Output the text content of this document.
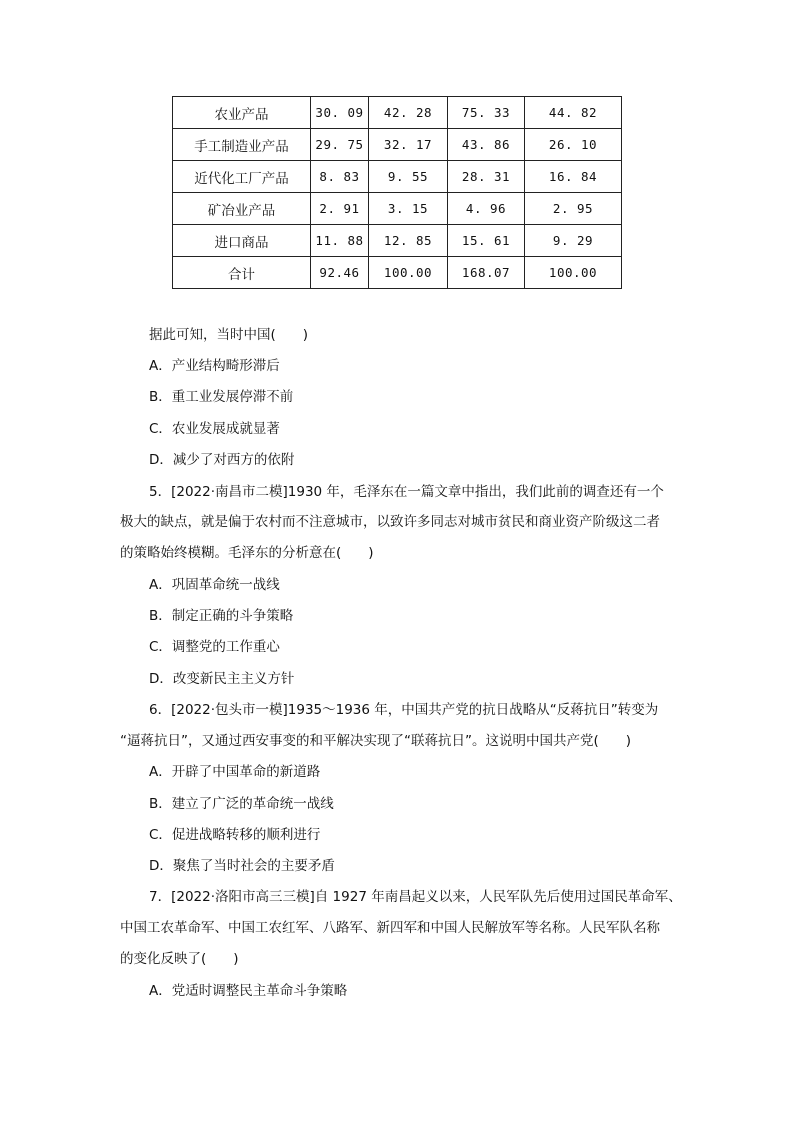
农业产品	30. 09	42. 28	75. 33	44. 82
手工制造业产品	29. 75	32. 17	43. 86	26. 10
近代化工厂产品	8. 83	9. 55	28. 31	16. 84
矿冶业产品	2. 91	3. 15	4. 96	2. 95
进口商品	11. 88	12. 85	15. 61	9. 29
合计	92.46	100.00	168.07	100.00
据此可知，当时中国(　　)
A．产业结构畸形滞后
B．重工业发展停滞不前
C．农业发展成就显著
D．减少了对西方的依附
5．[2022·南昌市二模]1930 年，毛泽东在一篇文章中指出，我们此前的调查还有一个
极大的缺点，就是偏于农村而不注意城市，以致许多同志对城市贫民和商业资产阶级这二者
的策略始终模糊。毛泽东的分析意在(　　)
A．巩固革命统一战线
B．制定正确的斗争策略
C．调整党的工作重心
D．改变新民主主义方针
6．[2022·包头市一模]1935～1936 年，中国共产党的抗日战略从“反蒋抗日”转变为
“逼蒋抗日”，又通过西安事变的和平解决实现了“联蒋抗日”。这说明中国共产党(　　)
A．开辟了中国革命的新道路
B．建立了广泛的革命统一战线
C．促进战略转移的顺利进行
D．聚焦了当时社会的主要矛盾
7．[2022·洛阳市高三三模]自 1927 年南昌起义以来，人民军队先后使用过国民革命军、
中国工农革命军、中国工农红军、八路军、新四军和中国人民解放军等名称。人民军队名称
的变化反映了(　　)
A．党适时调整民主革命斗争策略
